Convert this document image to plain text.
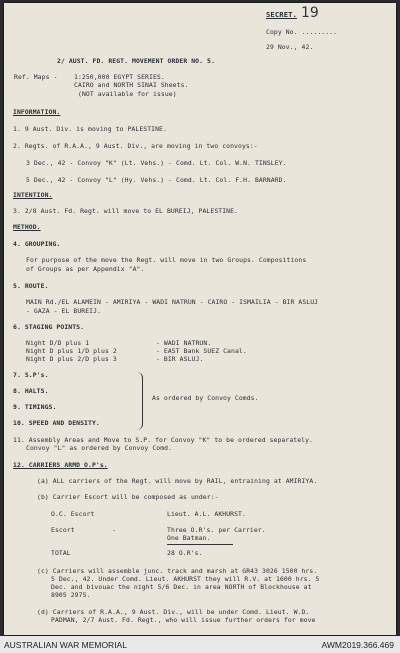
SECRET. 19
Copy No. .........
29 Nov., 42.
2/ AUST. FD. REGT. MOVEMENT ORDER NO. 5.
Ref. Maps -	1:250,000 EGYPT SERIES.
CAIRO and NORTH SINAI Sheets.
(NOT available for issue)
INFORMATION.
1. 9 Aust. Div. is moving to PALESTINE.
2. Regts. of R.A.A., 9 Aust. Div., are moving in two convoys:-
3 Dec., 42 - Convoy "K" (Lt. Vehs.) - Comd. Lt. Col. W.N. TINSLEY.
5 Dec., 42 - Convoy "L" (Hy. Vehs.) - Comd. Lt. Col. F.H. BARNARD.
INTENTION.
3. 2/8 Aust. Fd. Regt. will move to EL BUREIJ, PALESTINE.
METHOD.
4. GROUPING.
For purpose of the move the Regt. will move in two Groups. Compositions
of Groups as per Appendix "A".
5. ROUTE.
MAIN Rd./EL ALAMEIN - AMIRIYA - WADI NATRUN - CAIRO - ISMAILIA - BIR ASLUJ
- GAZA - EL BUREIJ.
6. STAGING POINTS.
Night D/D plus 1	- WADI NATRUN.
Night D plus 1/D plus 2	- EAST Bank SUEZ Canal.
Night D plus 2/D plus 3	- BIR ASLUJ.
7. S.P's.
8. HALTS.
9. TIMINGS.
10. SPEED AND DENSITY.
As ordered by Convoy Comds.
11. Assembly Areas and Move to S.P. for Convoy "K" to be ordered separately.
Convoy "L" as ordered by Convoy Comd.
12. CARRIERS ARMD O.P's.
(a) ALL carriers of the Regt. will move by RAIL, entraining at AMIRIYA.
(b) Carrier Escort will be composed as under:-
O.C. Escort	Lieut. A.L. AKHURST.
Escort	-	Three O.R's. per Carrier.
One Batman.
TOTAL	28 O.R's.
(c) Carriers will assemble junc. track and marsh at GR43 3026 1500 hrs.
5 Dec., 42. Under Comd. Lieut. AKHURST they will R.V. at 1600 hrs. 5
Dec. and bivouac the night 5/6 Dec. in area NORTH of Blockhouse at
8905 2975.
(d) Carriers of R.A.A., 9 Aust. Div., will be under Comd. Lieut. W.D.
PADMAN, 2/7 Aust. Fd. Regt., who will issue further orders for move
AUSTRALIAN WAR MEMORIAL	AWM2019.366.469
